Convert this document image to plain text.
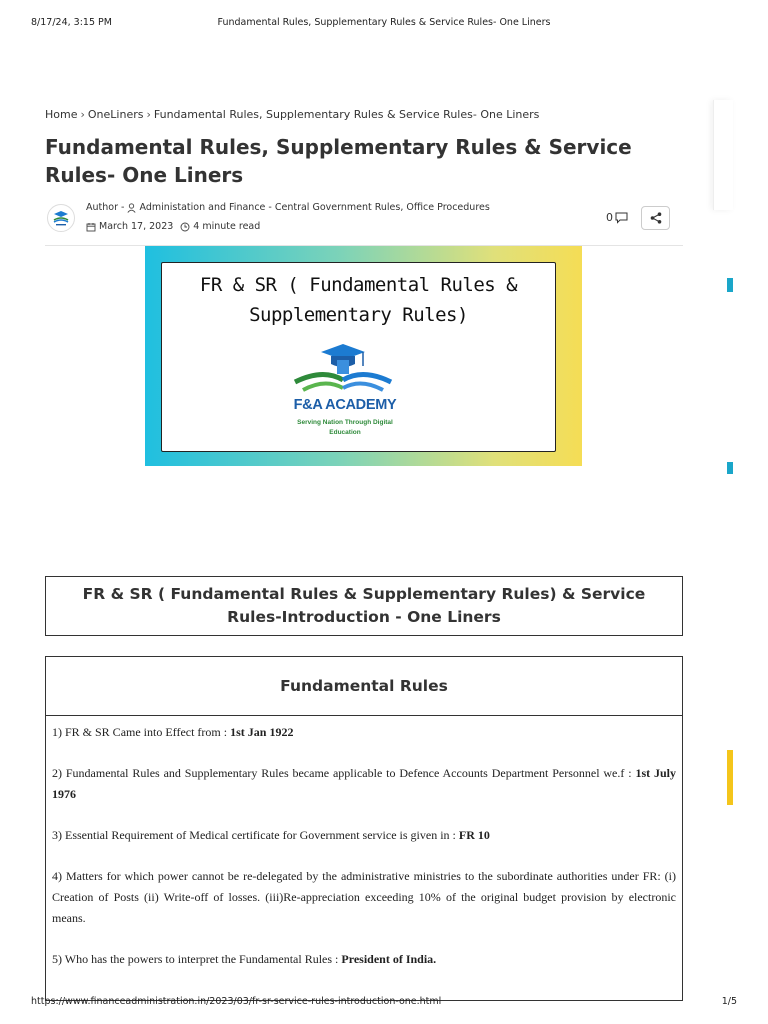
8/17/24, 3:15 PM	Fundamental Rules, Supplementary Rules & Service Rules- One Liners
Home › OneLiners › Fundamental Rules, Supplementary Rules & Service Rules- One Liners
Fundamental Rules, Supplementary Rules & Service Rules- One Liners
Author - Administation and Finance - Central Government Rules, Office Procedures
March 17, 2023 4 minute read
0
FR & SR ( Fundamental Rules &
Supplementary Rules)
F&A ACADEMY
Serving Nation Through Digital
Education
FR & SR ( Fundamental Rules & Supplementary Rules) & Service Rules-Introduction - One Liners
Fundamental Rules

1) FR & SR Came into Effect from : 1st Jan 1922

2) Fundamental Rules and Supplementary Rules became applicable to Defence Accounts Department Personnel we.f : 1st July 1976

3) Essential Requirement of Medical certificate for Government service is given in : FR 10

4) Matters for which power cannot be re-delegated by the administrative ministries to the subordinate authorities under FR: (i) Creation of Posts (ii) Write-off of losses. (iii)Re-appreciation exceeding 10% of the original budget provision by electronic means.

5) Who has the powers to interpret the Fundamental Rules : President of India.

https://www.financeadministration.in/2023/03/fr-sr-service-rules-introduction-one.html	1/5
